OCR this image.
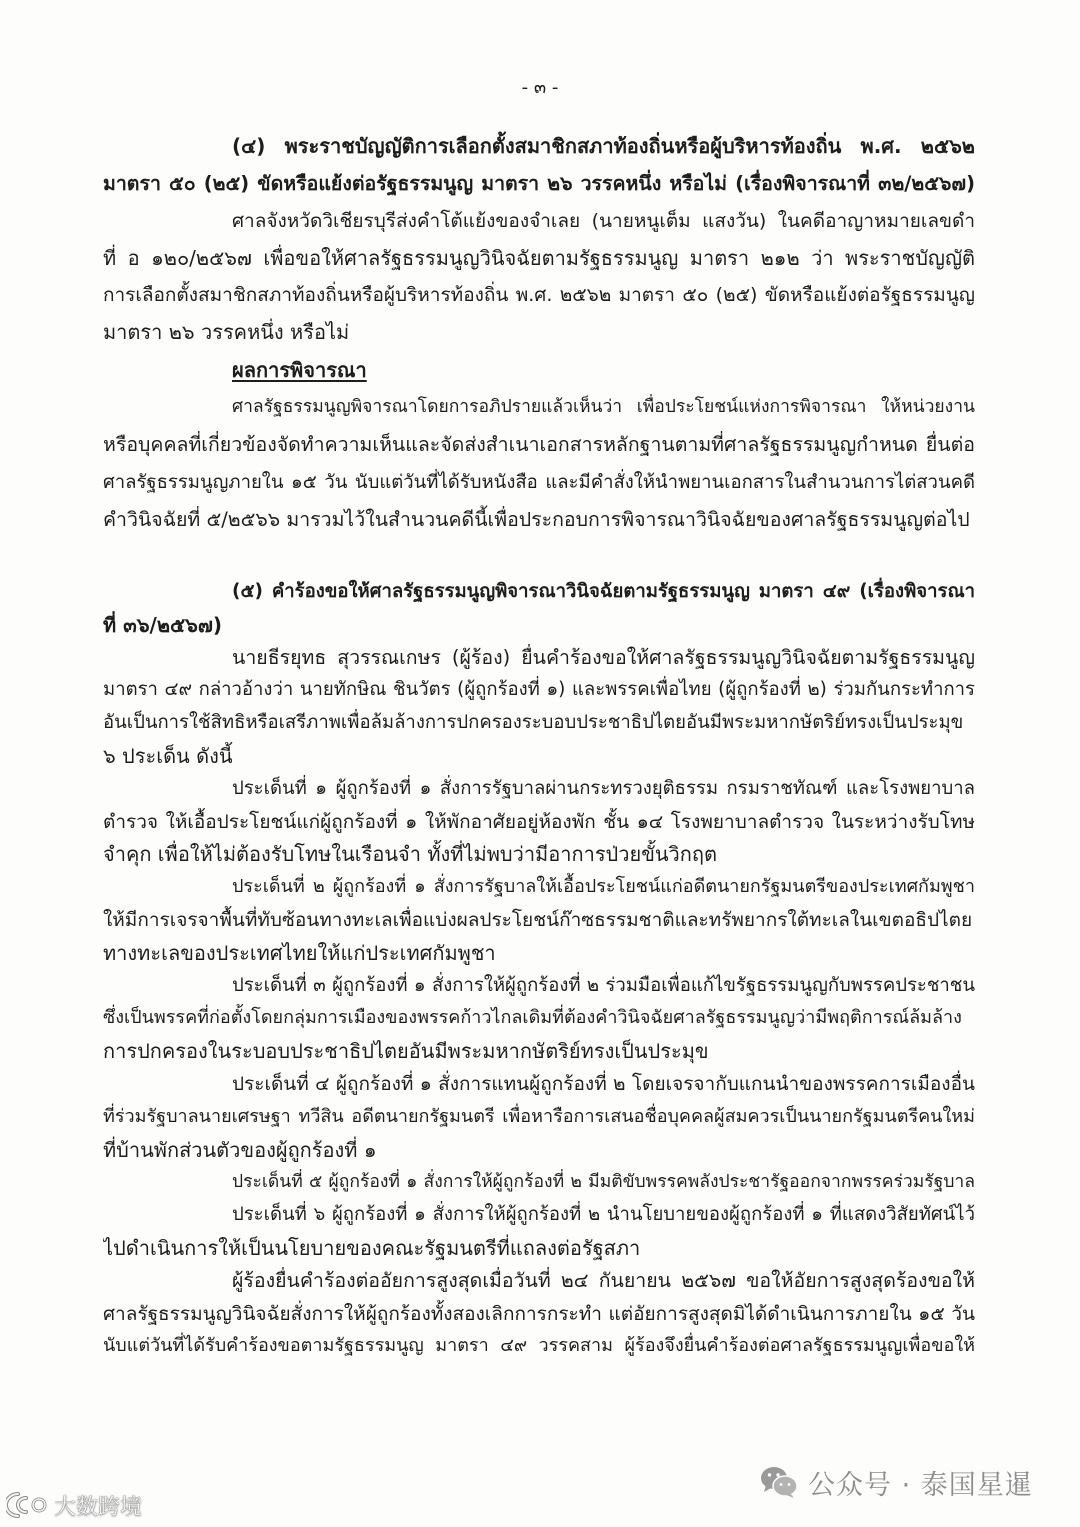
- ๓ -
(๔) พระราชบัญญัติการเลือกตั้งสมาชิกสภาท้องถิ่นหรือผู้บริหารท้องถิ่น พ.ศ. ๒๕๖๒
มาตรา ๕๐ (๒๕) ขัดหรือแย้งต่อรัฐธรรมนูญ มาตรา ๒๖ วรรคหนึ่ง หรือไม่ (เรื่องพิจารณาที่ ๓๒/๒๕๖๗)
ศาลจังหวัดวิเชียรบุรีส่งคำโต้แย้งของจำเลย (นายหนูเต็ม แสงวัน) ในคดีอาญาหมายเลขดำ
ที่ อ ๑๒๐/๒๕๖๗ เพื่อขอให้ศาลรัฐธรรมนูญวินิจฉัยตามรัฐธรรมนูญ มาตรา ๒๑๒ ว่า พระราชบัญญัติ
การเลือกตั้งสมาชิกสภาท้องถิ่นหรือผู้บริหารท้องถิ่น พ.ศ. ๒๕๖๒ มาตรา ๕๐ (๒๕) ขัดหรือแย้งต่อรัฐธรรมนูญ
มาตรา ๒๖ วรรคหนึ่ง หรือไม่
ผลการพิจารณา
ศาลรัฐธรรมนูญพิจารณาโดยการอภิปรายแล้วเห็นว่า เพื่อประโยชน์แห่งการพิจารณา ให้หน่วยงาน
หรือบุคคลที่เกี่ยวข้องจัดทำความเห็นและจัดส่งสำเนาเอกสารหลักฐานตามที่ศาลรัฐธรรมนูญกำหนด ยื่นต่อ
ศาลรัฐธรรมนูญภายใน ๑๕ วัน นับแต่วันที่ได้รับหนังสือ และมีคำสั่งให้นำพยานเอกสารในสำนวนการไต่สวนคดี
คำวินิจฉัยที่ ๕/๒๕๖๖ มารวมไว้ในสำนวนคดีนี้เพื่อประกอบการพิจารณาวินิจฉัยของศาลรัฐธรรมนูญต่อไป
(๕) คำร้องขอให้ศาลรัฐธรรมนูญพิจารณาวินิจฉัยตามรัฐธรรมนูญ มาตรา ๔๙ (เรื่องพิจารณา
ที่ ๓๖/๒๕๖๗)
นายธีรยุทธ สุวรรณเกษร (ผู้ร้อง) ยื่นคำร้องขอให้ศาลรัฐธรรมนูญวินิจฉัยตามรัฐธรรมนูญ
มาตรา ๔๙ กล่าวอ้างว่า นายทักษิณ ชินวัตร (ผู้ถูกร้องที่ ๑) และพรรคเพื่อไทย (ผู้ถูกร้องที่ ๒) ร่วมกันกระทำการ
อันเป็นการใช้สิทธิหรือเสรีภาพเพื่อล้มล้างการปกครองระบอบประชาธิปไตยอันมีพระมหากษัตริย์ทรงเป็นประมุข
๖ ประเด็น ดังนี้
ประเด็นที่ ๑ ผู้ถูกร้องที่ ๑ สั่งการรัฐบาลผ่านกระทรวงยุติธรรม กรมราชทัณฑ์ และโรงพยาบาล
ตำรวจ ให้เอื้อประโยชน์แก่ผู้ถูกร้องที่ ๑ ให้พักอาศัยอยู่ห้องพัก ชั้น ๑๔ โรงพยาบาลตำรวจ ในระหว่างรับโทษ
จำคุก เพื่อให้ไม่ต้องรับโทษในเรือนจำ ทั้งที่ไม่พบว่ามีอาการป่วยขั้นวิกฤต
ประเด็นที่ ๒ ผู้ถูกร้องที่ ๑ สั่งการรัฐบาลให้เอื้อประโยชน์แก่อดีตนายกรัฐมนตรีของประเทศกัมพูชา
ให้มีการเจรจาพื้นที่ทับซ้อนทางทะเลเพื่อแบ่งผลประโยชน์ก๊าซธรรมชาติและทรัพยากรใต้ทะเลในเขตอธิปไตย
ทางทะเลของประเทศไทยให้แก่ประเทศกัมพูชา
ประเด็นที่ ๓ ผู้ถูกร้องที่ ๑ สั่งการให้ผู้ถูกร้องที่ ๒ ร่วมมือเพื่อแก้ไขรัฐธรรมนูญกับพรรคประชาชน
ซึ่งเป็นพรรคที่ก่อตั้งโดยกลุ่มการเมืองของพรรคก้าวไกลเดิมที่ต้องคำวินิจฉัยศาลรัฐธรรมนูญว่ามีพฤติการณ์ล้มล้าง
การปกครองในระบอบประชาธิปไตยอันมีพระมหากษัตริย์ทรงเป็นประมุข
ประเด็นที่ ๔ ผู้ถูกร้องที่ ๑ สั่งการแทนผู้ถูกร้องที่ ๒ โดยเจรจากับแกนนำของพรรคการเมืองอื่น
ที่ร่วมรัฐบาลนายเศรษฐา ทวีสิน อดีตนายกรัฐมนตรี เพื่อหารือการเสนอชื่อบุคคลผู้สมควรเป็นนายกรัฐมนตรีคนใหม่
ที่บ้านพักส่วนตัวของผู้ถูกร้องที่ ๑
ประเด็นที่ ๕ ผู้ถูกร้องที่ ๑ สั่งการให้ผู้ถูกร้องที่ ๒ มีมติขับพรรคพลังประชารัฐออกจากพรรคร่วมรัฐบาล
ประเด็นที่ ๖ ผู้ถูกร้องที่ ๑ สั่งการให้ผู้ถูกร้องที่ ๒ นำนโยบายของผู้ถูกร้องที่ ๑ ที่แสดงวิสัยทัศน์ไว้
ไปดำเนินการให้เป็นนโยบายของคณะรัฐมนตรีที่แถลงต่อรัฐสภา
ผู้ร้องยื่นคำร้องต่ออัยการสูงสุดเมื่อวันที่ ๒๔ กันยายน ๒๕๖๗ ขอให้อัยการสูงสุดร้องขอให้
ศาลรัฐธรรมนูญวินิจฉัยสั่งการให้ผู้ถูกร้องทั้งสองเลิกการกระทำ แต่อัยการสูงสุดมิได้ดำเนินการภายใน ๑๕ วัน
นับแต่วันที่ได้รับคำร้องขอตามรัฐธรรมนูญ มาตรา ๔๙ วรรคสาม ผู้ร้องจึงยื่นคำร้องต่อศาลรัฐธรรมนูญเพื่อขอให้
公众号 · 泰国星暹
大数跨境
